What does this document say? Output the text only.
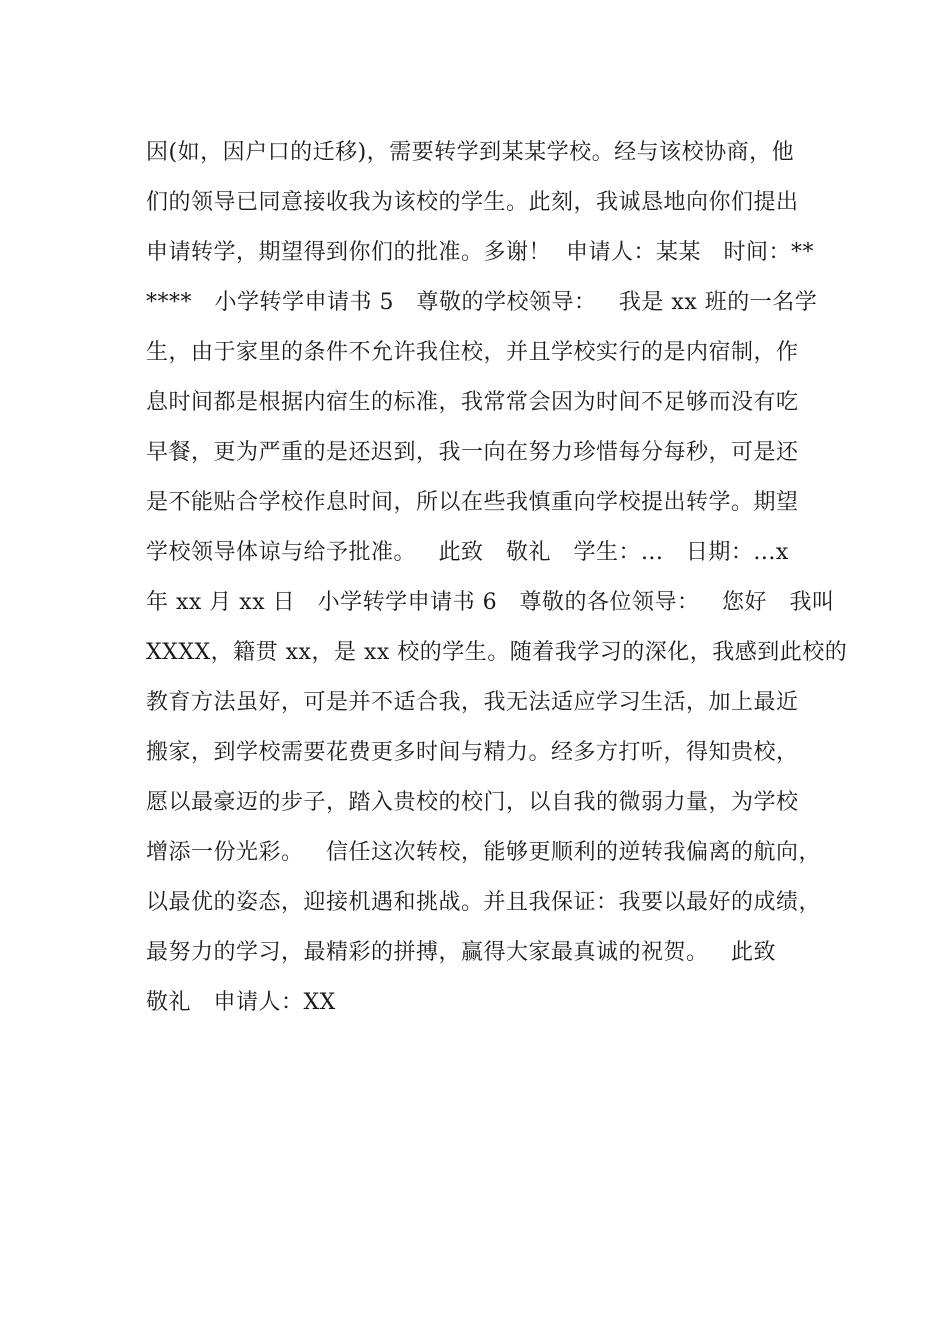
因(如，因户口的迁移)，需要转学到某某学校。经与该校协商，他
们的领导已同意接收我为该校的学生。此刻，我诚恳地向你们提出
申请转学，期望得到你们的批准。多谢！  申请人：某某   时间：**
****   小学转学申请书 5   尊敬的学校领导：   我是 xx 班的一名学
生，由于家里的条件不允许我住校，并且学校实行的是内宿制，作
息时间都是根据内宿生的标准，我常常会因为时间不足够而没有吃
早餐，更为严重的是还迟到，我一向在努力珍惜每分每秒，可是还
是不能贴合学校作息时间，所以在些我慎重向学校提出转学。期望
学校领导体谅与给予批准。   此致   敬礼   学生：...   日期：...x
年 xx 月 xx 日   小学转学申请书 6   尊敬的各位领导：   您好   我叫
XXXX，籍贯 xx，是 xx 校的学生。随着我学习的深化，我感到此校的
教育方法虽好，可是并不适合我，我无法适应学习生活，加上最近
搬家，到学校需要花费更多时间与精力。经多方打听，得知贵校，
愿以最豪迈的步子，踏入贵校的校门，以自我的微弱力量，为学校
增添一份光彩。   信任这次转校，能够更顺利的逆转我偏离的航向，
以最优的姿态，迎接机遇和挑战。并且我保证：我要以最好的成绩，
最努力的学习，最精彩的拼搏，赢得大家最真诚的祝贺。   此致
敬礼   申请人：XX
